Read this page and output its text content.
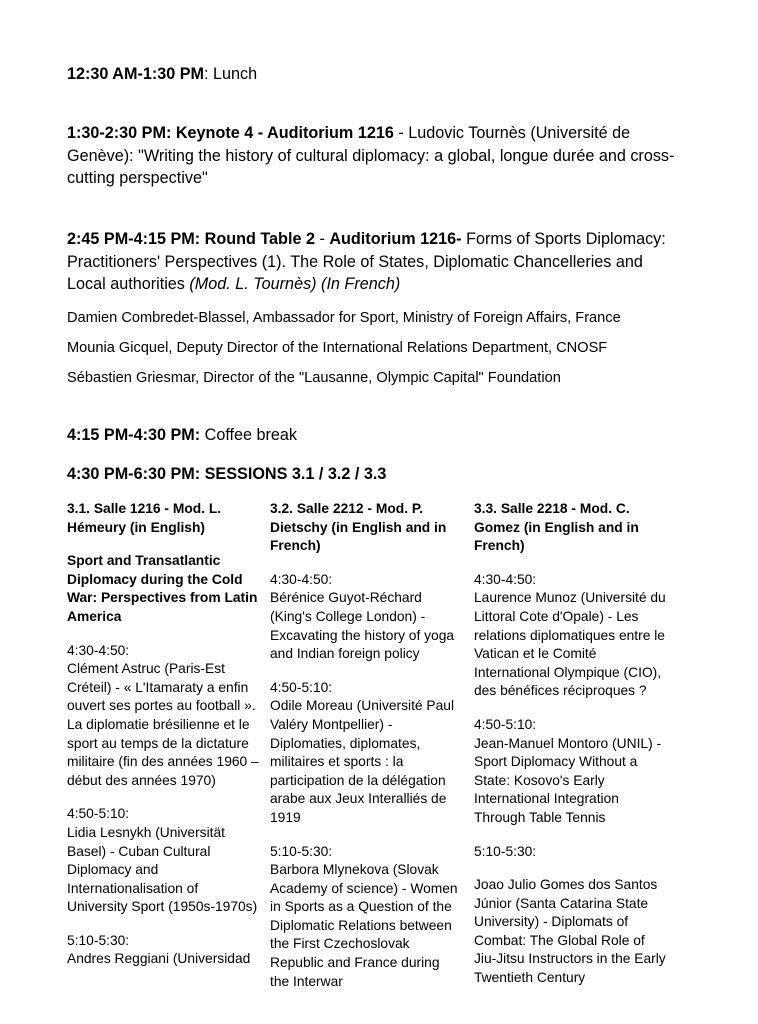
12:30 AM-1:30 PM: Lunch
1:30-2:30 PM: Keynote 4 - Auditorium 1216 - Ludovic Tournès (Université de Genève): "Writing the history of cultural diplomacy: a global, longue durée and cross-cutting perspective"
2:45 PM-4:15 PM: Round Table 2 - Auditorium 1216- Forms of Sports Diplomacy: Practitioners' Perspectives (1). The Role of States, Diplomatic Chancelleries and Local authorities (Mod. L. Tournès) (In French)
Damien Combredet-Blassel, Ambassador for Sport, Ministry of Foreign Affairs, France
Mounia Gicquel, Deputy Director of the International Relations Department, CNOSF
Sébastien Griesmar, Director of the "Lausanne, Olympic Capital" Foundation
4:15 PM-4:30 PM: Coffee break
4:30 PM-6:30 PM: SESSIONS 3.1 / 3.2 / 3.3

3.1. Salle 1216 - Mod. L. Hémeury (in English)

Sport and Transatlantic Diplomacy during the Cold War: Perspectives from Latin America

4:30-4:50:
Clément Astruc (Paris-Est Créteil) - « L'Itamaraty a enfin ouvert ses portes au football ». La diplomatie brésilienne et le sport au temps de la dictature militaire (fin des années 1960 – début des années 1970)

4:50-5:10:
Lidia Lesnykh (Universität Basel) - Cuban Cultural Diplomacy and Internationalisation of University Sport (1950s-1970s)

5:10-5:30:
Andres Reggiani (Universidad

3.2. Salle 2212 - Mod. P. Dietschy (in English and in French)

4:30-4:50:
Bérénice Guyot-Réchard (King's College London) - Excavating the history of yoga and Indian foreign policy

4:50-5:10:
Odile Moreau (Université Paul Valéry Montpellier) - Diplomaties, diplomates, militaires et sports : la participation de la délégation arabe aux Jeux Interalliés de 1919

5:10-5:30:
Barbora Mlynekova (Slovak Academy of science) - Women in Sports as a Question of the Diplomatic Relations between the First Czechoslovak Republic and France during the Interwar

3.3. Salle 2218 - Mod. C. Gomez (in English and in French)

4:30-4:50:
Laurence Munoz (Université du Littoral Cote d'Opale) - Les relations diplomatiques entre le Vatican et le Comité International Olympique (CIO), des bénéfices réciproques ?

4:50-5:10:
Jean-Manuel Montoro (UNIL) - Sport Diplomacy Without a State: Kosovo's Early International Integration Through Table Tennis

5:10-5:30:

Joao Julio Gomes dos Santos Júnior (Santa Catarina State University) - Diplomats of Combat: The Global Role of Jiu-Jitsu Instructors in the Early Twentieth Century
